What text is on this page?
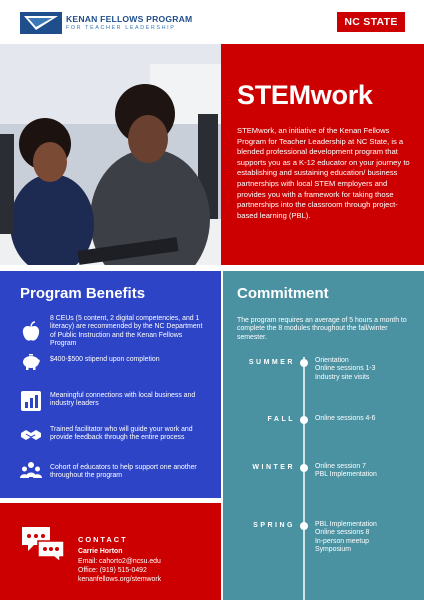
KENAN FELLOWS PROGRAM
FOR TEACHER LEADERSHIP	NC STATE
STEMwork
STEMwork, an initiative of the Kenan Fellows Program for Teacher Leadership at NC State, is a blended professional development program that supports you as a K-12 educator on your journey to establishing and sustaining education/ business partnerships with local STEM employers and provides you with a framework for taking those partnerships into the classroom through project-based learning (PBL).
Program Benefits
8 CEUs (5 content, 2 digital competencies, and 1 literacy) are recommended by the NC Department of Public Instruction and the Kenan Fellows Program
$400-$500 stipend upon completion
Meaningful connections with local business and industry leaders
Trained facilitator who will guide your work and provide feedback through the entire process
Cohort of educators to help support one another throughout the program
Commitment
The program requires an average of 5 hours a month to complete the 8 modules throughout the fall/winter semester.
SUMMER	Orientation
Online sessions 1-3
Industry site visits
FALL	Online sessions 4-6
WINTER	Online session 7
PBL Implementation
SPRING	PBL Implementation
Online sessions 8
In-person meetup
Symposium
CONTACT
Carrie Horton
Email: cahorto2@ncsu.edu
Office: (919) 515-0492
kenanfellows.org/stemwork
